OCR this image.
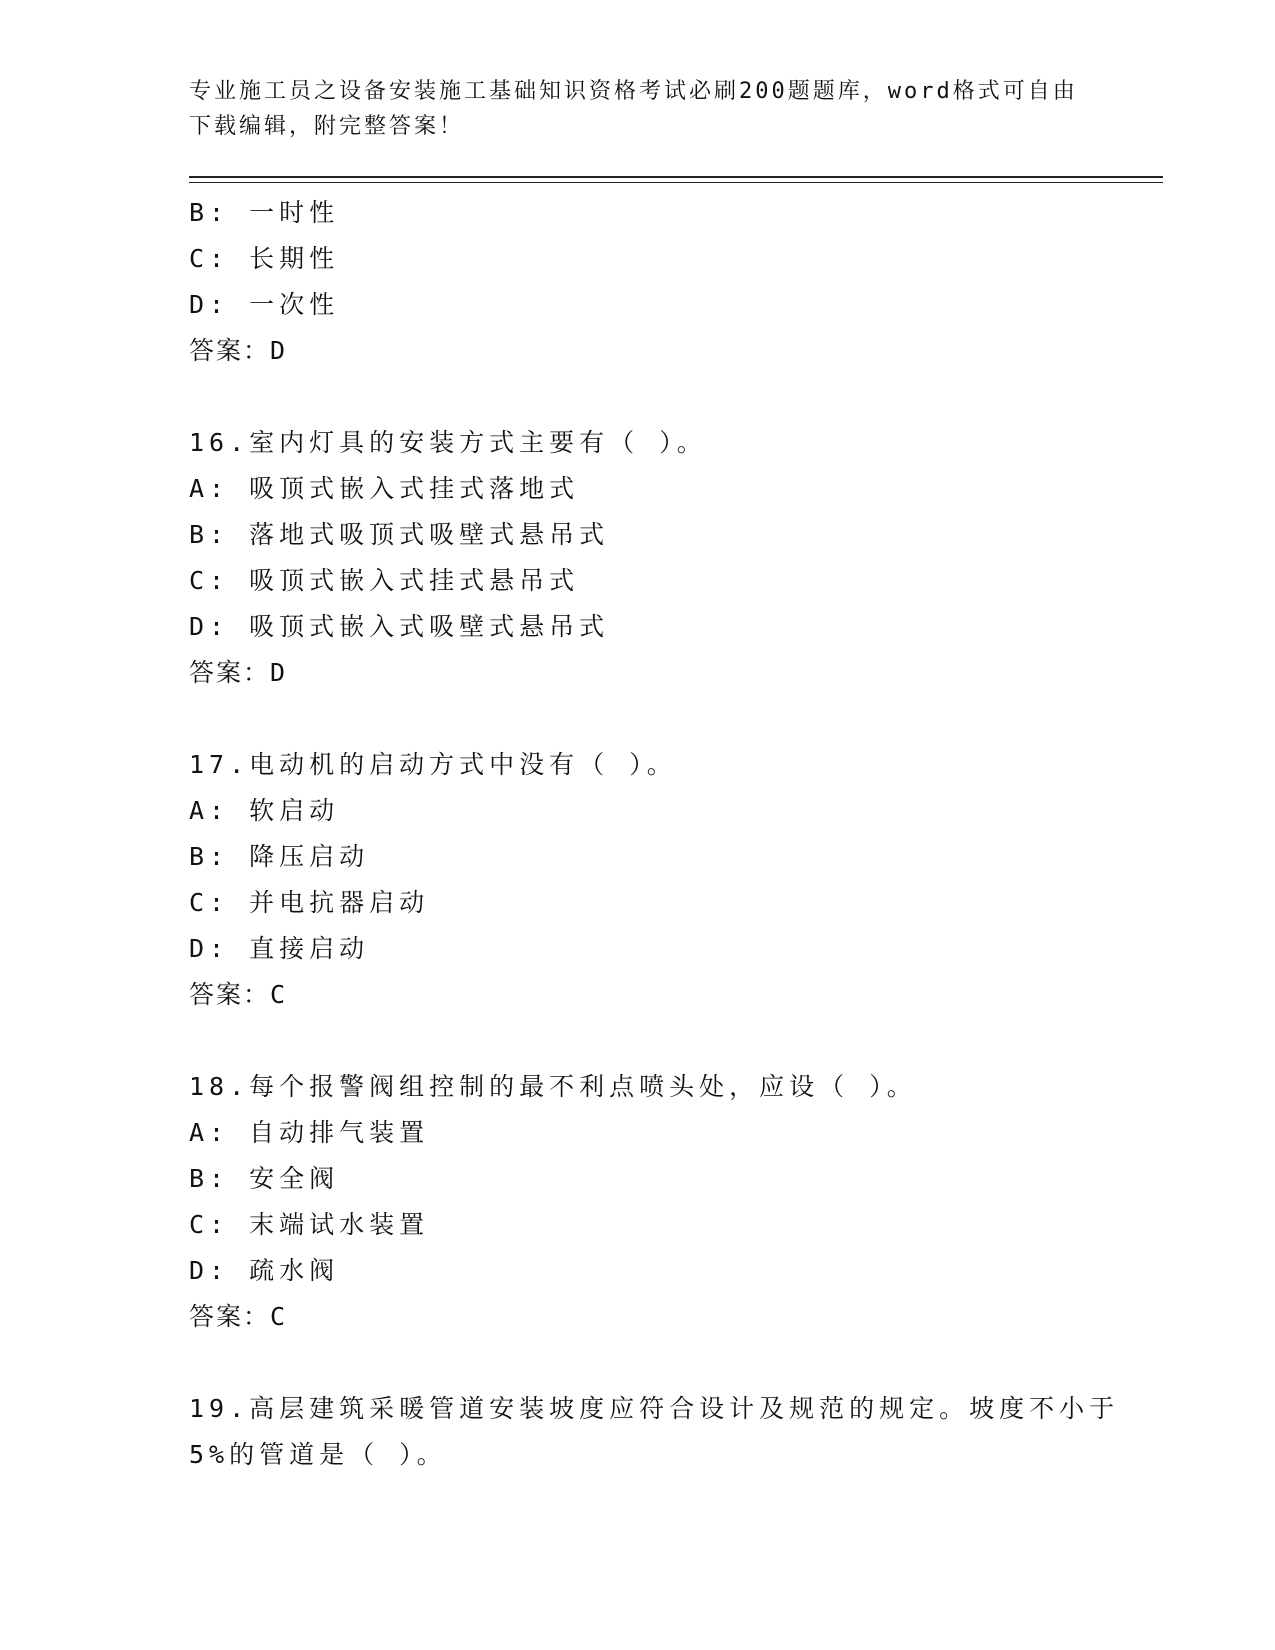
专业施工员之设备安装施工基础知识资格考试必刷200题题库，word格式可自由
下载编辑，附完整答案！
B: 一时性
C: 长期性
D: 一次性
答案：D
16.室内灯具的安装方式主要有（ ）。
A: 吸顶式嵌入式挂式落地式
B: 落地式吸顶式吸壁式悬吊式
C: 吸顶式嵌入式挂式悬吊式
D: 吸顶式嵌入式吸壁式悬吊式
答案：D
17.电动机的启动方式中没有（ ）。
A: 软启动
B: 降压启动
C: 并电抗器启动
D: 直接启动
答案：C
18.每个报警阀组控制的最不利点喷头处，应设（ ）。
A: 自动排气装置
B: 安全阀
C: 末端试水装置
D: 疏水阀
答案：C
19.高层建筑采暖管道安装坡度应符合设计及规范的规定。坡度不小于
5%的管道是（ ）。
